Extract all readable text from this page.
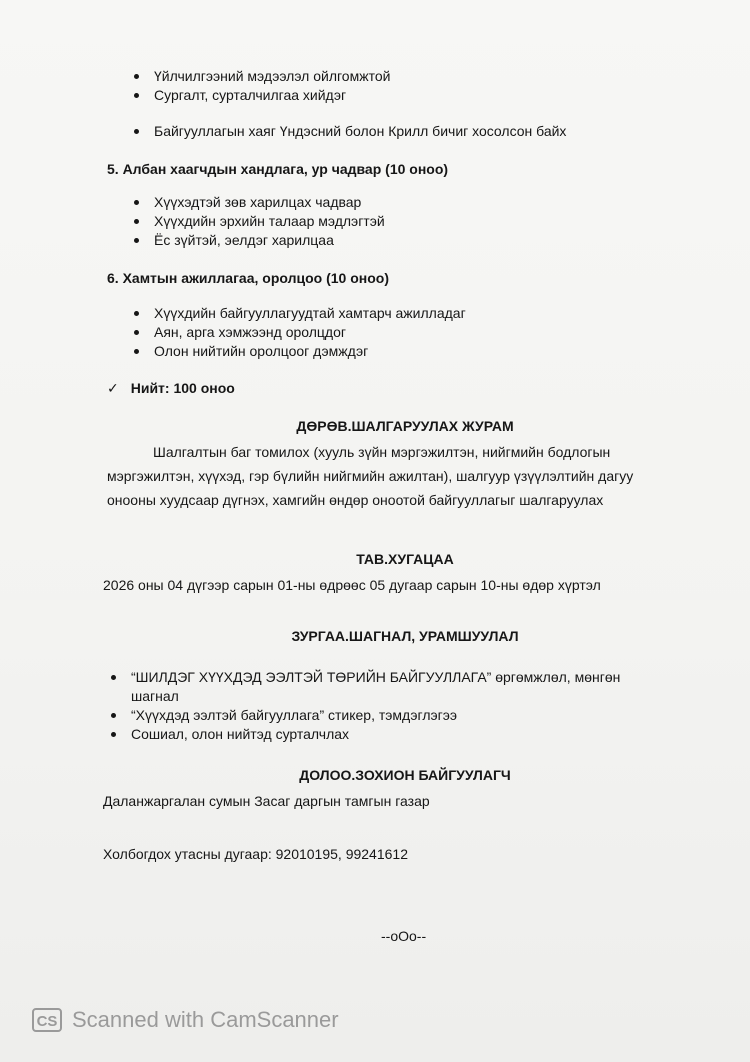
Үйлчилгээний мэдээлэл ойлгомжтой
Сургалт, сурталчилгаа хийдэг
Байгууллагын хаяг Үндэсний болон Крилл бичиг хосолсон байх
5. Албан хаагчдын хандлага, ур чадвар (10 оноо)
Хүүхэдтэй зөв харилцах чадвар
Хүүхдийн эрхийн талаар мэдлэгтэй
Ёс зүйтэй, эелдэг харилцаа
6. Хамтын ажиллагаа, оролцоо (10 оноо)
Хүүхдийн байгууллагуудтай хамтарч ажилладаг
Аян, арга хэмжээнд оролцдог
Олон нийтийн оролцоог дэмждэг
✓ Нийт: 100 оноо
ДӨРӨВ.ШАЛГАРУУЛАХ ЖУРАМ
Шалгалтын баг томилох (хууль зүйн мэргэжилтэн, нийгмийн бодлогын
мэргэжилтэн, хүүхэд, гэр бүлийн нийгмийн ажилтан), шалгуур үзүүлэлтийн дагуу
онооны хуудсаар дүгнэх, хамгийн өндөр оноотой байгууллагыг шалгаруулах
ТАВ.ХУГАЦАА
2026 оны 04 дүгээр сарын 01-ны өдрөөс 05 дугаар сарын 10-ны өдөр хүртэл
ЗУРГАА.ШАГНАЛ, УРАМШУУЛАЛ
“ШИЛДЭГ ХҮҮХДЭД ЭЭЛТЭЙ ТӨРИЙН БАЙГУУЛЛАГА” өргөмжлөл, мөнгөн
шагнал
“Хүүхдэд ээлтэй байгууллага” стикер, тэмдэглэгээ
Сошиал, олон нийтэд сурталчлах
ДОЛОО.ЗОХИОН БАЙГУУЛАГЧ
Даланжаргалан сумын Засаг даргын тамгын газар
Холбогдох утасны дугаар: 92010195, 99241612
--оОо--
CS Scanned with CamScanner
